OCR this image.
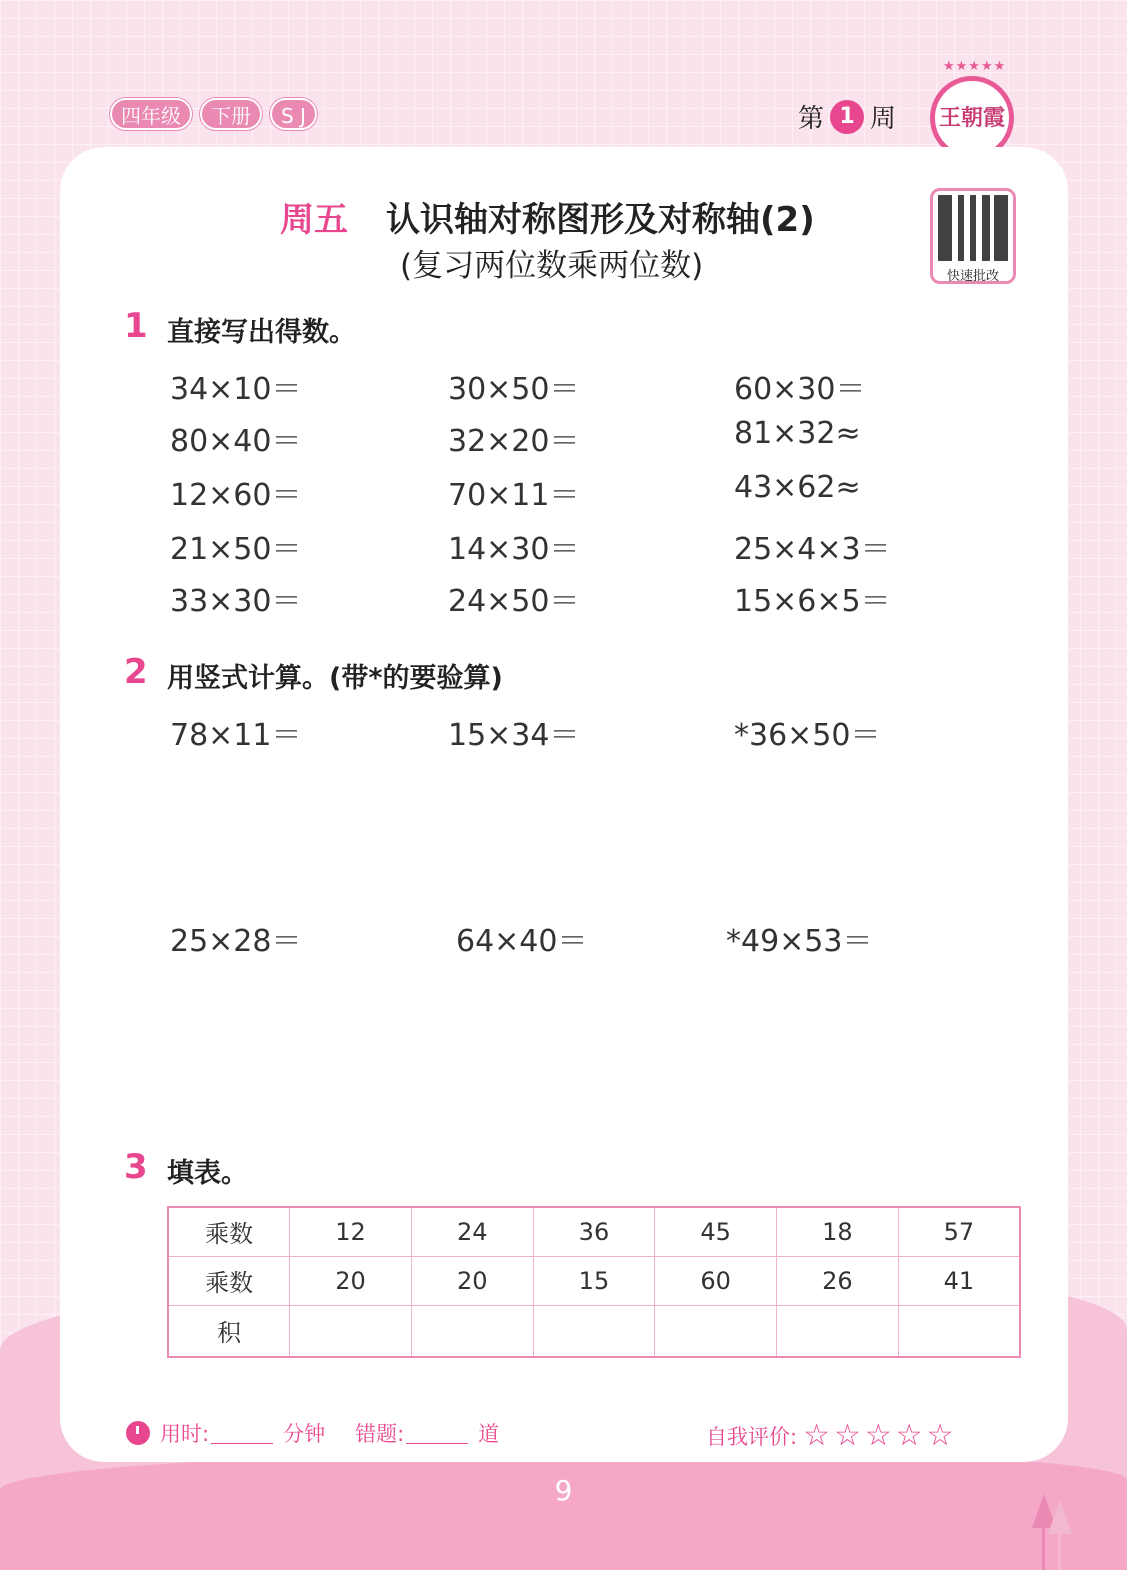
四年级	下册	S J	第 1 周
★★★★★
王朝霞
周五 认识轴对称图形及对称轴(2)
(复习两位数乘两位数)	快速批改
1 直接写出得数。
34×10＝	30×50＝	60×30＝
80×40＝	32×20＝	81×32≈
12×60＝	70×11＝	43×62≈
21×50＝	14×30＝	25×4×3＝
33×30＝	24×50＝	15×6×5＝
2 用竖式计算。(带*的要验算)
78×11＝	15×34＝	*36×50＝
25×28＝	64×40＝	*49×53＝
3 填表。
乘数	12	24	36	45	18	57
乘数	20	20	15	60	26	41
积						
用时:	分钟 错题:	道	自我评价: ☆☆☆☆☆
9
